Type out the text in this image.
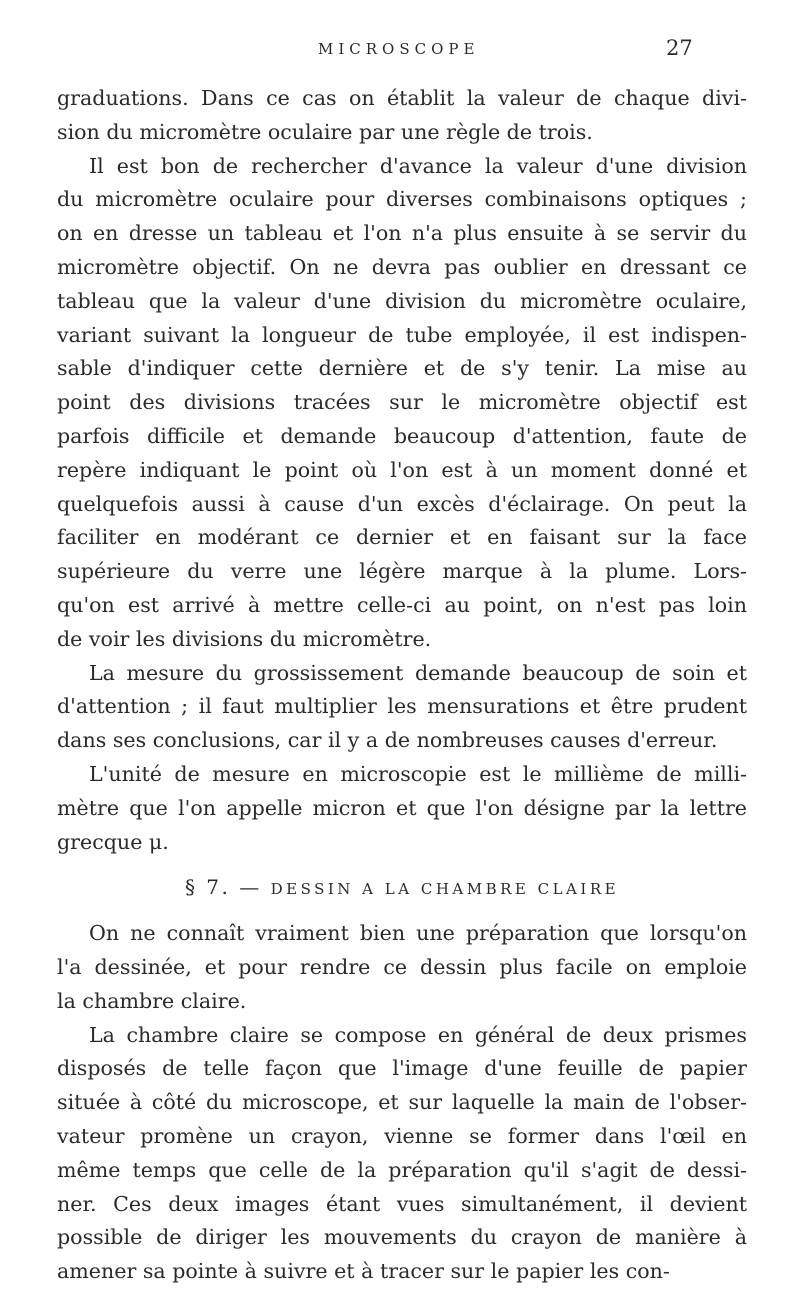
MICROSCOPE	27
graduations. Dans ce cas on établit la valeur de chaque divi-
sion du micromètre oculaire par une règle de trois.
Il est bon de rechercher d'avance la valeur d'une division
du micromètre oculaire pour diverses combinaisons optiques ;
on en dresse un tableau et l'on n'a plus ensuite à se servir du
micromètre objectif. On ne devra pas oublier en dressant ce
tableau que la valeur d'une division du micromètre oculaire,
variant suivant la longueur de tube employée, il est indispen-
sable d'indiquer cette dernière et de s'y tenir. La mise au
point des divisions tracées sur le micromètre objectif est
parfois difficile et demande beaucoup d'attention, faute de
repère indiquant le point où l'on est à un moment donné et
quelquefois aussi à cause d'un excès d'éclairage. On peut la
faciliter en modérant ce dernier et en faisant sur la face
supérieure du verre une légère marque à la plume. Lors-
qu'on est arrivé à mettre celle-ci au point, on n'est pas loin
de voir les divisions du micromètre.
La mesure du grossissement demande beaucoup de soin et
d'attention ; il faut multiplier les mensurations et être prudent
dans ses conclusions, car il y a de nombreuses causes d'erreur.
L'unité de mesure en microscopie est le millième de milli-
mètre que l'on appelle micron et que l'on désigne par la lettre
grecque μ.
§ 7. — DESSIN A LA CHAMBRE CLAIRE
On ne connaît vraiment bien une préparation que lorsqu'on
l'a dessinée, et pour rendre ce dessin plus facile on emploie
la chambre claire.
La chambre claire se compose en général de deux prismes
disposés de telle façon que l'image d'une feuille de papier
située à côté du microscope, et sur laquelle la main de l'obser-
vateur promène un crayon, vienne se former dans l'œil en
même temps que celle de la préparation qu'il s'agit de dessi-
ner. Ces deux images étant vues simultanément, il devient
possible de diriger les mouvements du crayon de manière à
amener sa pointe à suivre et à tracer sur le papier les con-
